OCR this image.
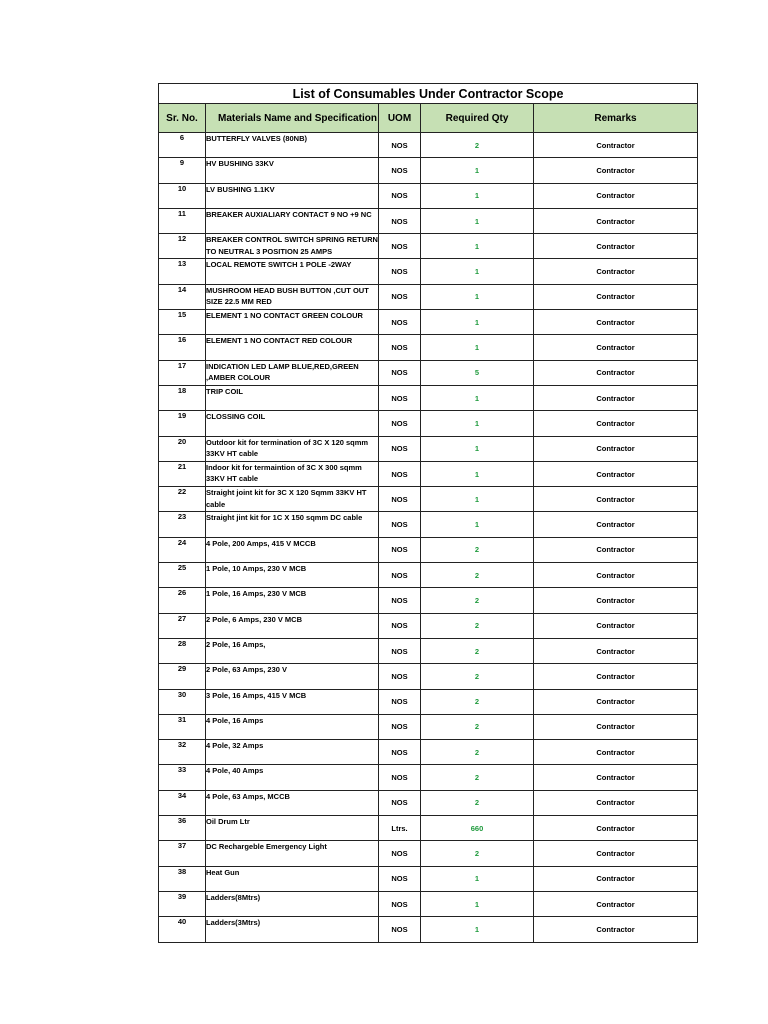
List of Consumables Under Contractor Scope				
Sr. No.	Materials Name and Specification	UOM	Required Qty	Remarks
6	BUTTERFLY VALVES (80NB)	NOS	2	Contractor
9	HV BUSHING 33KV	NOS	1	Contractor
10	LV BUSHING 1.1KV	NOS	1	Contractor
11	BREAKER AUXIALIARY CONTACT 9 NO +9 NC	NOS	1	Contractor
12	BREAKER CONTROL SWITCH SPRING RETURN TO NEUTRAL 3 POSITION 25 AMPS	NOS	1	Contractor
13	LOCAL REMOTE SWITCH 1 POLE -2WAY	NOS	1	Contractor
14	MUSHROOM HEAD BUSH BUTTON ,CUT OUT SIZE 22.5 MM RED	NOS	1	Contractor
15	ELEMENT 1 NO CONTACT GREEN COLOUR	NOS	1	Contractor
16	ELEMENT 1 NO CONTACT RED COLOUR	NOS	1	Contractor
17	INDICATION LED LAMP BLUE,RED,GREEN ,AMBER COLOUR	NOS	5	Contractor
18	TRIP COIL	NOS	1	Contractor
19	CLOSSING COIL	NOS	1	Contractor
20	Outdoor kit for termination of 3C X 120 sqmm 33KV HT cable	NOS	1	Contractor
21	Indoor kit for termaintion of 3C X 300 sqmm 33KV HT cable	NOS	1	Contractor
22	Straight joint kit for 3C X 120 Sqmm 33KV HT cable	NOS	1	Contractor
23	Straight jint kit for 1C X 150 sqmm DC cable	NOS	1	Contractor
24	4 Pole, 200 Amps, 415 V MCCB	NOS	2	Contractor
25	1 Pole, 10 Amps, 230 V MCB	NOS	2	Contractor
26	1 Pole, 16 Amps, 230 V MCB	NOS	2	Contractor
27	2 Pole, 6 Amps, 230 V MCB	NOS	2	Contractor
28	2 Pole, 16 Amps,	NOS	2	Contractor
29	2 Pole, 63 Amps, 230 V	NOS	2	Contractor
30	3 Pole, 16 Amps, 415 V MCB	NOS	2	Contractor
31	4 Pole, 16 Amps	NOS	2	Contractor
32	4 Pole, 32 Amps	NOS	2	Contractor
33	4 Pole, 40 Amps	NOS	2	Contractor
34	4 Pole, 63 Amps, MCCB	NOS	2	Contractor
36	Oil Drum Ltr	Ltrs.	660	Contractor
37	DC Rechargeble Emergency Light	NOS	2	Contractor
38	Heat Gun	NOS	1	Contractor
39	Ladders(8Mtrs)	NOS	1	Contractor
40	Ladders(3Mtrs)	NOS	1	Contractor
